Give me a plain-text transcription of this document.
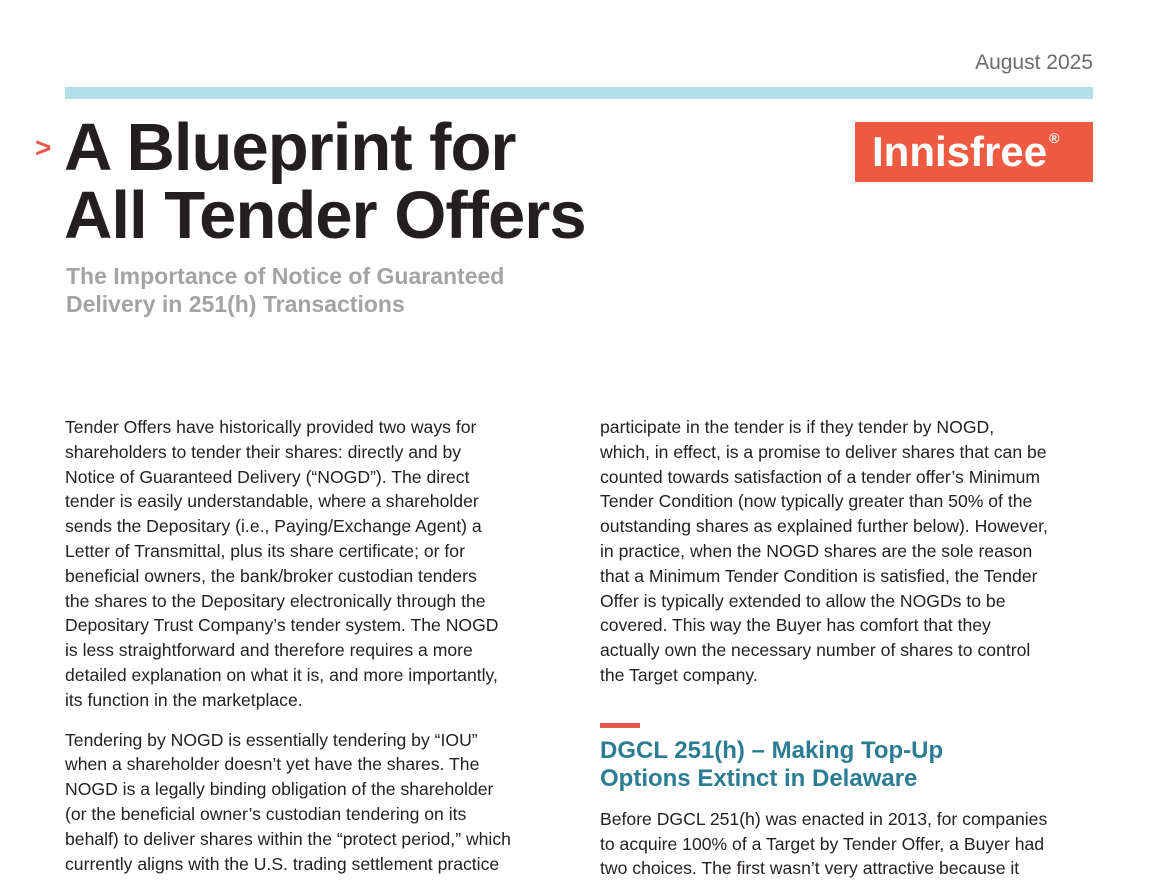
August 2025
> A Blueprint for
All Tender Offers
The Importance of Notice of Guaranteed
Delivery in 251(h) Transactions
Innisfree®

Tender Offers have historically provided two ways for
shareholders to tender their shares: directly and by
Notice of Guaranteed Delivery (“NOGD”). The direct
tender is easily understandable, where a shareholder
sends the Depositary (i.e., Paying/Exchange Agent) a
Letter of Transmittal, plus its share certificate; or for
beneficial owners, the bank/broker custodian tenders
the shares to the Depositary electronically through the
Depositary Trust Company’s tender system. The NOGD
is less straightforward and therefore requires a more
detailed explanation on what it is, and more importantly,
its function in the marketplace.

Tendering by NOGD is essentially tendering by “IOU”
when a shareholder doesn’t yet have the shares. The
NOGD is a legally binding obligation of the shareholder
(or the beneficial owner’s custodian tendering on its
behalf) to deliver shares within the “protect period,” which
currently aligns with the U.S. trading settlement practice

participate in the tender is if they tender by NOGD,
which, in effect, is a promise to deliver shares that can be
counted towards satisfaction of a tender offer’s Minimum
Tender Condition (now typically greater than 50% of the
outstanding shares as explained further below). However,
in practice, when the NOGD shares are the sole reason
that a Minimum Tender Condition is satisfied, the Tender
Offer is typically extended to allow the NOGDs to be
covered. This way the Buyer has comfort that they
actually own the necessary number of shares to control
the Target company.

DGCL 251(h) – Making Top-Up
Options Extinct in Delaware

Before DGCL 251(h) was enacted in 2013, for companies
to acquire 100% of a Target by Tender Offer, a Buyer had
two choices. The first wasn’t very attractive because it
